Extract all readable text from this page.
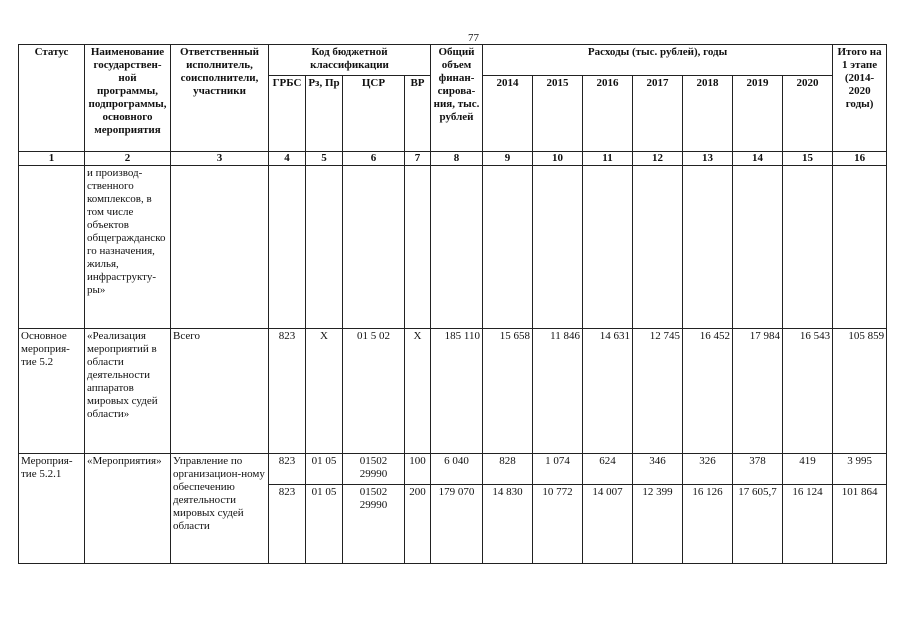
77
Статус	Наименование государствен-ной программы, подпрограммы, основного мероприятия	Ответственный исполнитель, соисполнители, участники	Код бюджетной классификации				Общий объем финан-сирова-ния, тыс. рублей	Расходы (тыс. рублей), годы							Итого на 1 этапе (2014-2020 годы)
			ГРБС	Рз, Пр	ЦСР	ВР		2014	2015	2016	2017	2018	2019	2020	
1	2	3	4	5	6	7	8	9	10	11	12	13	14	15	16
	и производ-ственного комплексов, в том числе объектов общегражданского назначения, жилья, инфраструкту-ры»														
Основное мероприя-тие 5.2	«Реализация мероприятий в области деятельности аппаратов мировых судей области»	Всего	823	Х	01 5 02	Х	185 110	15 658	11 846	14 631	12 745	16 452	17 984	16 543	105 859
Мероприя-тие 5.2.1	«Мероприятия»	Управление по организацион-ному обеспечению деятельности мировых судей области	823	01 05	01502 29990	100	6 040	828	1 074	624	346	326	378	419	3 995
			823	01 05	01502 29990	200	179 070	14 830	10 772	14 007	12 399	16 126	17 605,7	16 124	101 864
